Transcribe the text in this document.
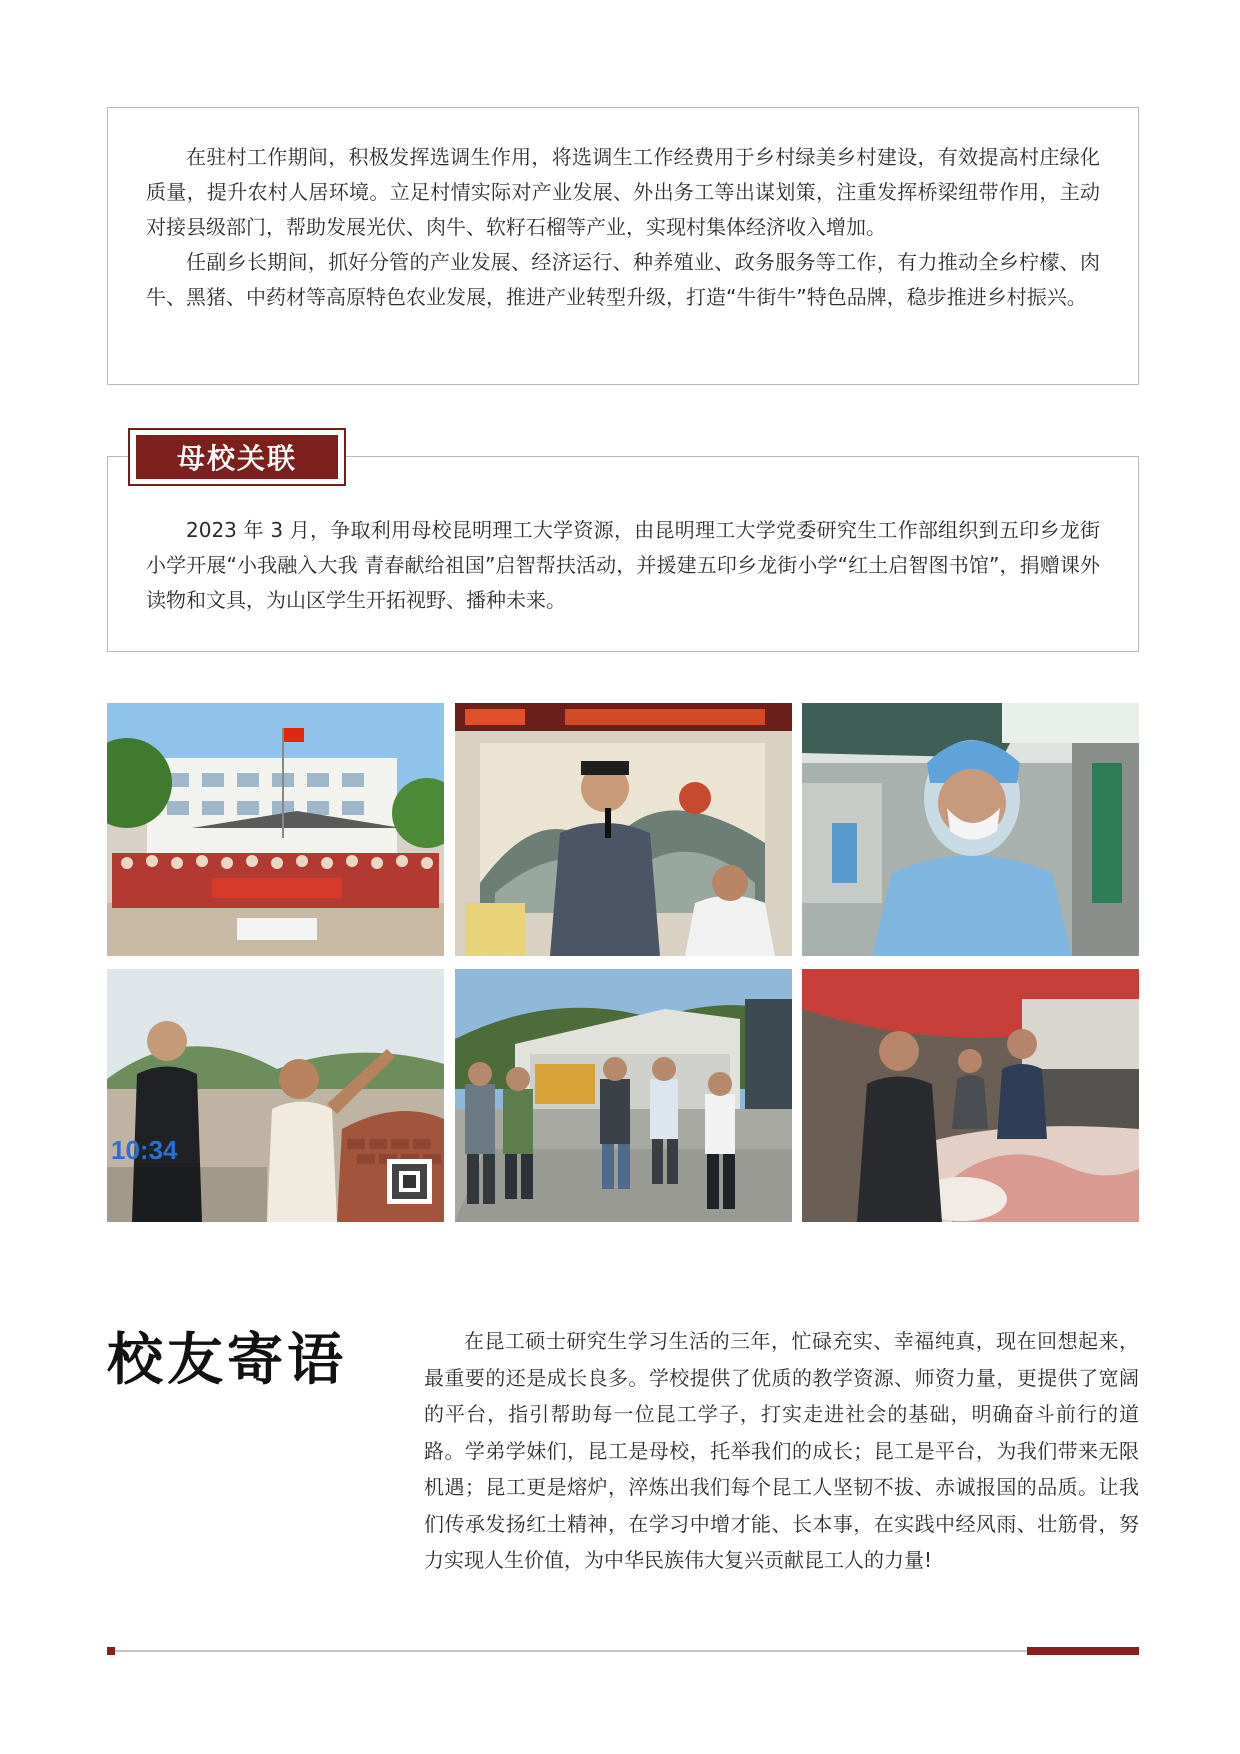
在驻村工作期间，积极发挥选调生作用，将选调生工作经费用于乡村绿美乡村建设，有效提高村庄绿化质量，提升农村人居环境。立足村情实际对产业发展、外出务工等出谋划策，注重发挥桥梁纽带作用，主动对接县级部门，帮助发展光伏、肉牛、软籽石榴等产业，实现村集体经济收入增加。

任副乡长期间，抓好分管的产业发展、经济运行、种养殖业、政务服务等工作，有力推动全乡柠檬、肉牛、黑猪、中药材等高原特色农业发展，推进产业转型升级，打造“牛街牛”特色品牌，稳步推进乡村振兴。

2023 年 3 月，争取利用母校昆明理工大学资源，由昆明理工大学党委研究生工作部组织到五印乡龙街小学开展“小我融入大我 青春献给祖国”启智帮扶活动，并援建五印乡龙街小学“红土启智图书馆”，捐赠课外读物和文具，为山区学生开拓视野、播种未来。

母校关联
10:34
校友寄语	在昆工硕士研究生学习生活的三年，忙碌充实、幸福纯真，现在回想起来，最重要的还是成长良多。学校提供了优质的教学资源、师资力量，更提供了宽阔的平台，指引帮助每一位昆工学子，打实走进社会的基础，明确奋斗前行的道路。学弟学妹们，昆工是母校，托举我们的成长；昆工是平台，为我们带来无限机遇；昆工更是熔炉，淬炼出我们每个昆工人坚韧不拔、赤诚报国的品质。让我们传承发扬红土精神，在学习中增才能、长本事，在实践中经风雨、壮筋骨，努力实现人生价值，为中华民族伟大复兴贡献昆工人的力量!
